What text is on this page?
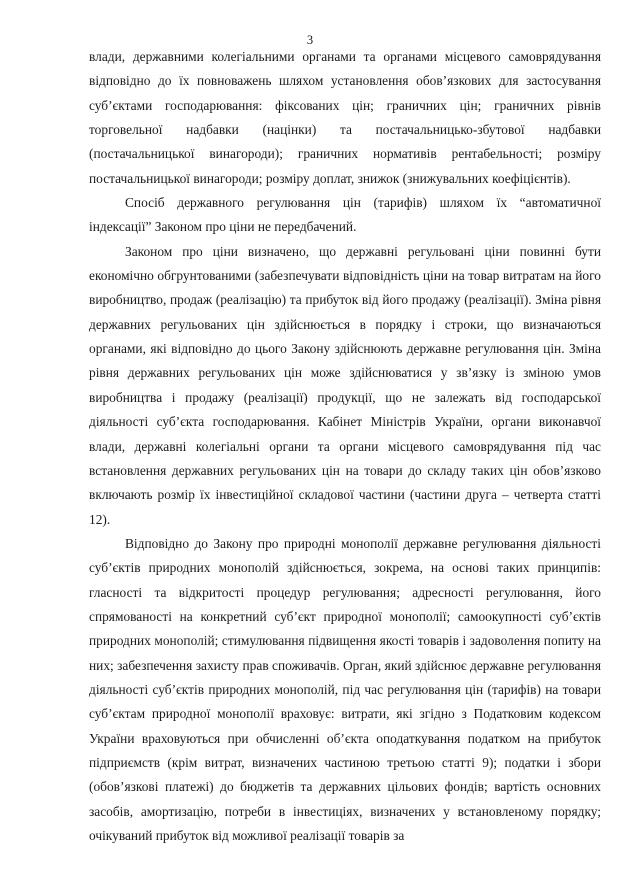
3

влади, державними колегіальними органами та органами місцевого самоврядування відповідно до їх повноважень шляхом установлення обов’язкових для застосування суб’єктами господарювання: фіксованих цін; граничних цін; граничних рівнів торговельної надбавки (націнки) та постачальницько-збутової надбавки (постачальницької винагороди); граничних нормативів рентабельності; розміру постачальницької винагороди; розміру доплат, знижок (знижувальних коефіцієнтів).

Спосіб державного регулювання цін (тарифів) шляхом їх “автоматичної індексації” Законом про ціни не передбачений.

Законом про ціни визначено, що державні регульовані ціни повинні бути економічно обгрунтованими (забезпечувати відповідність ціни на товар витратам на його виробництво, продаж (реалізацію) та прибуток від його продажу (реалізації). Зміна рівня державних регульованих цін здійснюється в порядку і строки, що визначаються органами, які відповідно до цього Закону здійснюють державне регулювання цін. Зміна рівня державних регульованих цін може здійснюватися у зв’язку із зміною умов виробництва і продажу (реалізації) продукції, що не залежать від господарської діяльності суб’єкта господарювання. Кабінет Міністрів України, органи виконавчої влади, державні колегіальні органи та органи місцевого самоврядування під час встановлення державних регульованих цін на товари до складу таких цін обов’язково включають розмір їх інвестиційної складової частини (частини друга – четверта статті 12).

Відповідно до Закону про природні монополії державне регулювання діяльності суб’єктів природних монополій здійснюється, зокрема, на основі таких принципів: гласності та відкритості процедур регулювання; адресності регулювання, його спрямованості на конкретний суб’єкт природної монополії; самоокупності суб’єктів природних монополій; стимулювання підвищення якості товарів і задоволення попиту на них; забезпечення захисту прав споживачів. Орган, який здійснює державне регулювання діяльності суб’єктів природних монополій, під час регулювання цін (тарифів) на товари суб’єктам природної монополії враховує: витрати, які згідно з Податковим кодексом України враховуються при обчисленні об’єкта оподаткування податком на прибуток підприємств (крім витрат, визначених частиною третьою статті 9); податки і збори (обов’язкові платежі) до бюджетів та державних цільових фондів; вартість основних засобів, амортизацію, потреби в інвестиціях, визначених у встановленому порядку; очікуваний прибуток від можливої реалізації товарів за
